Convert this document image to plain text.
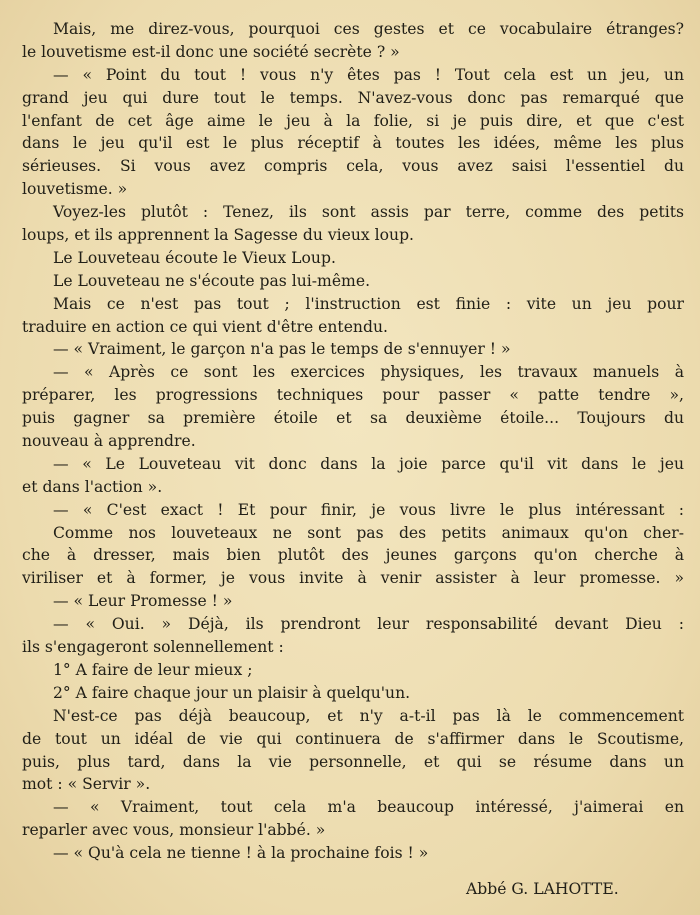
Mais, me direz-vous, pourquoi ces gestes et ce vocabulaire étranges?
le louvetisme est-il donc une société secrète ? »
— « Point du tout ! vous n'y êtes pas ! Tout cela est un jeu, un
grand jeu qui dure tout le temps. N'avez-vous donc pas remarqué que
l'enfant de cet âge aime le jeu à la folie, si je puis dire, et que c'est
dans le jeu qu'il est le plus réceptif à toutes les idées, même les plus
sérieuses. Si vous avez compris cela, vous avez saisi l'essentiel du
louvetisme. »
Voyez-les plutôt : Tenez, ils sont assis par terre, comme des petits
loups, et ils apprennent la Sagesse du vieux loup.
Le Louveteau écoute le Vieux Loup.
Le Louveteau ne s'écoute pas lui-même.
Mais ce n'est pas tout ; l'instruction est finie : vite un jeu pour
traduire en action ce qui vient d'être entendu.
— « Vraiment, le garçon n'a pas le temps de s'ennuyer ! »
— « Après ce sont les exercices physiques, les travaux manuels à
préparer, les progressions techniques pour passer « patte tendre »,
puis gagner sa première étoile et sa deuxième étoile... Toujours du
nouveau à apprendre.
— « Le Louveteau vit donc dans la joie parce qu'il vit dans le jeu
et dans l'action ».
— « C'est exact ! Et pour finir, je vous livre le plus intéressant :
Comme nos louveteaux ne sont pas des petits animaux qu'on cher-
che à dresser, mais bien plutôt des jeunes garçons qu'on cherche à
viriliser et à former, je vous invite à venir assister à leur promesse. »
— « Leur Promesse ! »
— « Oui. » Déjà, ils prendront leur responsabilité devant Dieu :
ils s'engageront solennellement :
1° A faire de leur mieux ;
2° A faire chaque jour un plaisir à quelqu'un.
N'est-ce pas déjà beaucoup, et n'y a-t-il pas là le commencement
de tout un idéal de vie qui continuera de s'affirmer dans le Scoutisme,
puis, plus tard, dans la vie personnelle, et qui se résume dans un
mot : « Servir ».
— « Vraiment, tout cela m'a beaucoup intéressé, j'aimerai en
reparler avec vous, monsieur l'abbé. »
— « Qu'à cela ne tienne ! à la prochaine fois ! »
Abbé G. LAHOTTE.
